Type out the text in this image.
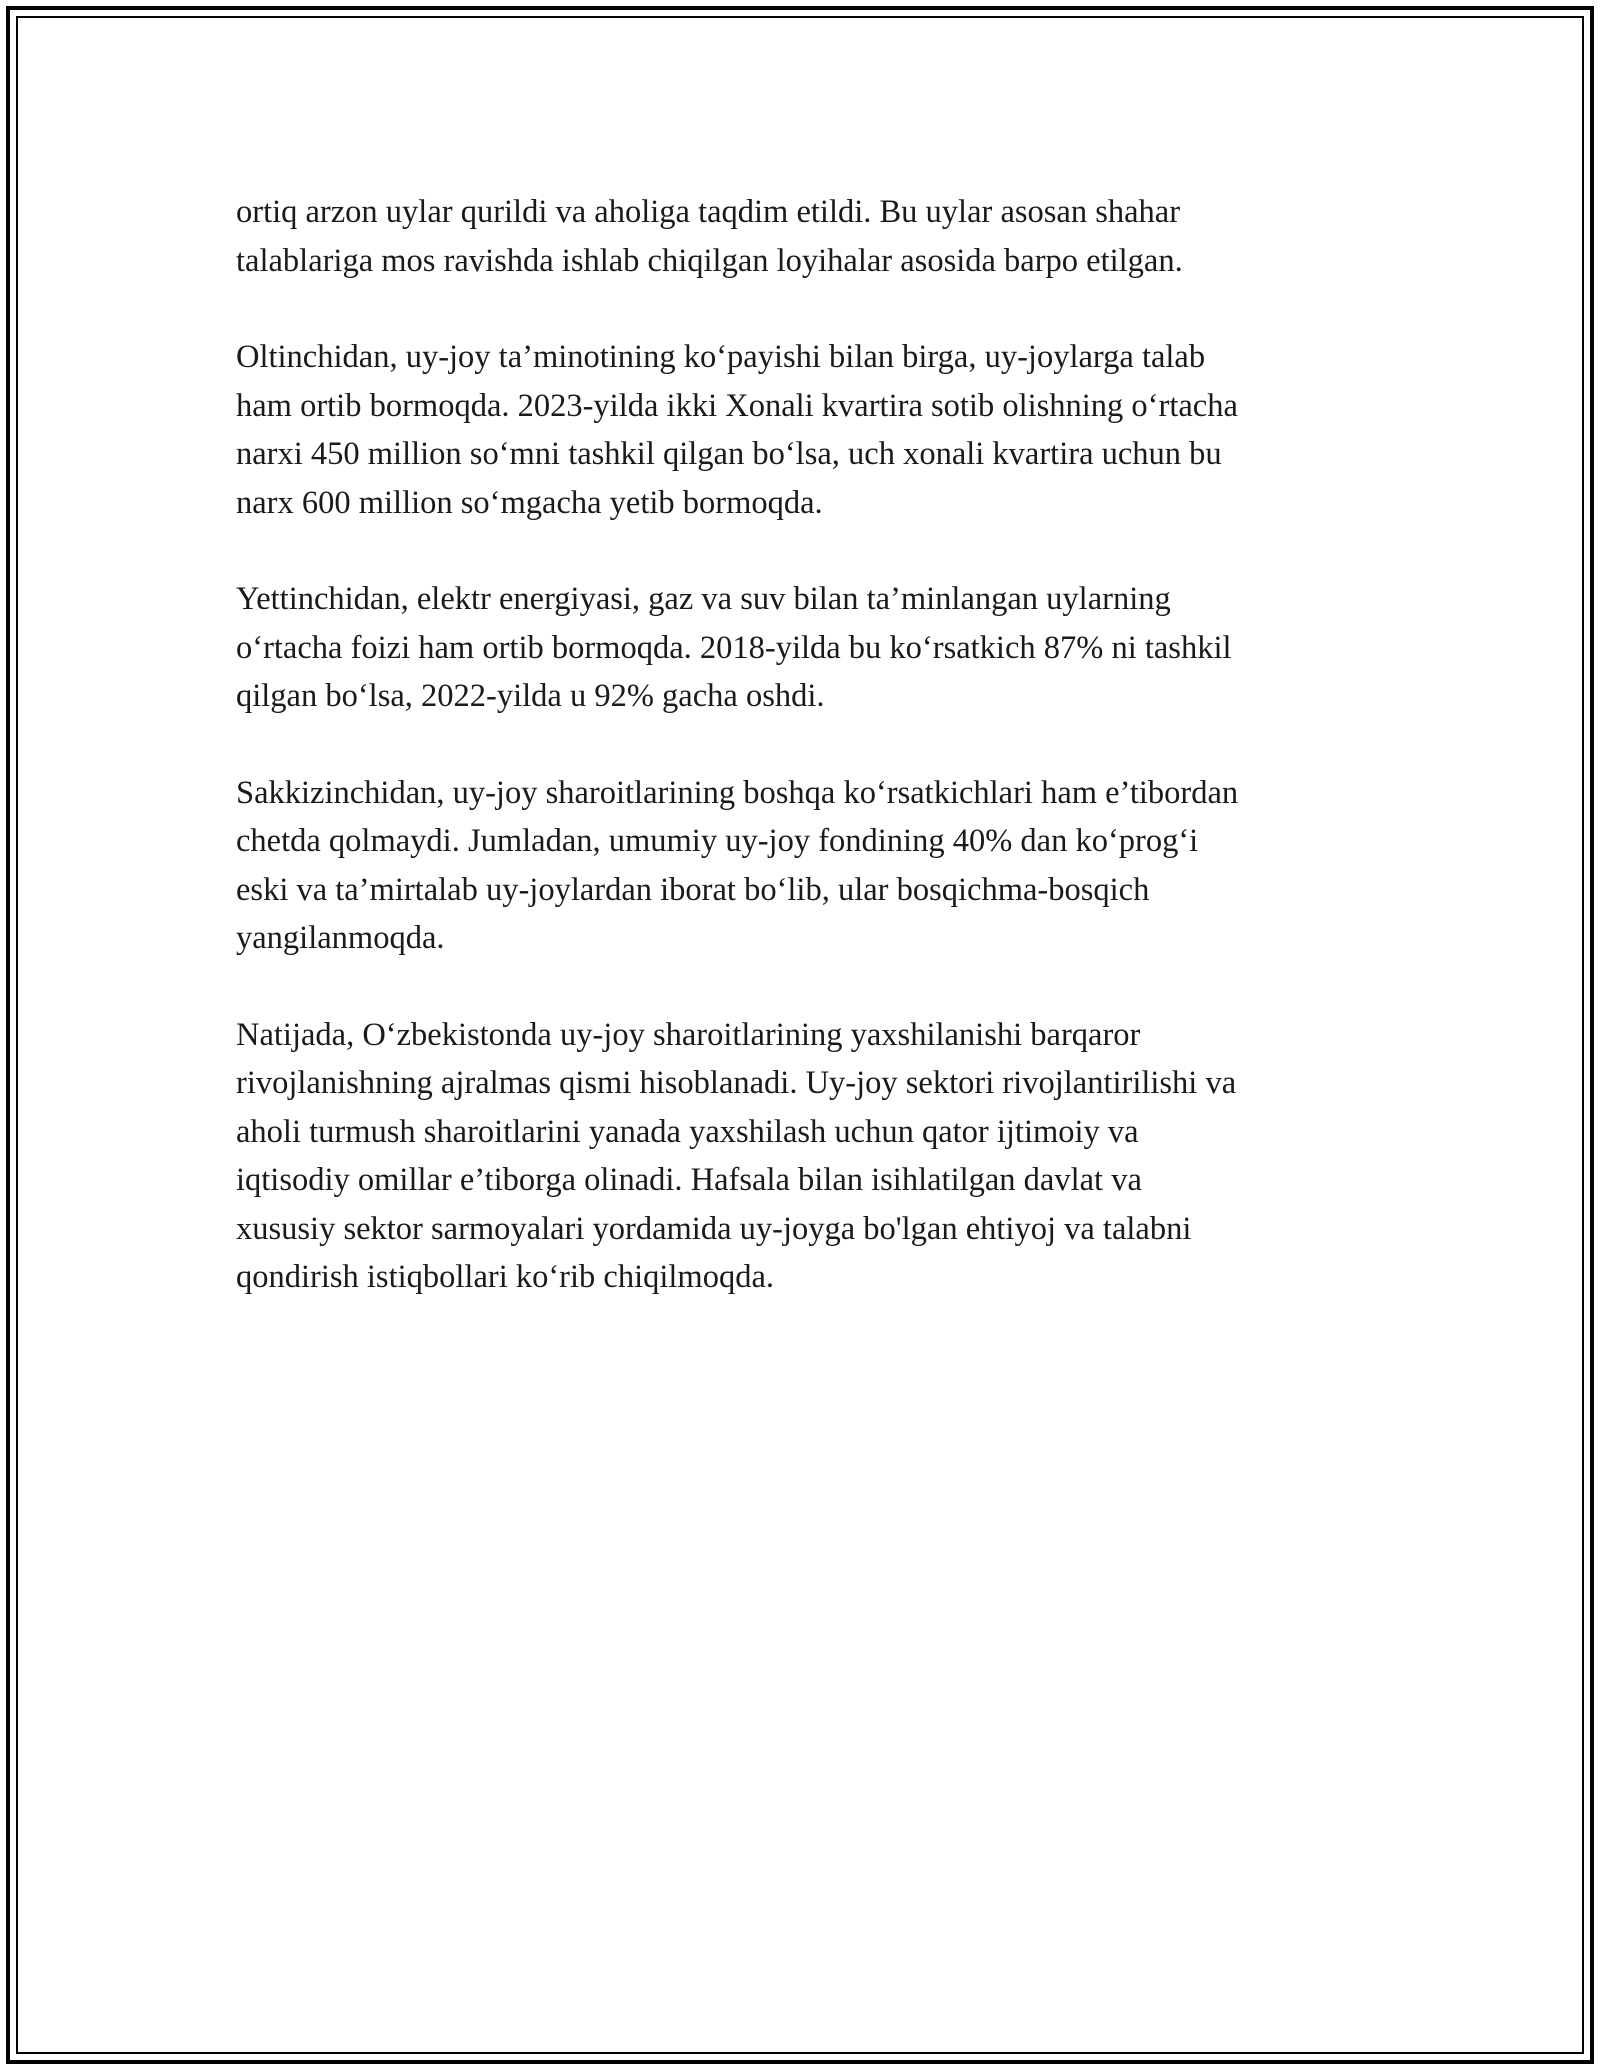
ortiq arzon uylar qurildi va aholiga taqdim etildi. Bu uylar asosan shahar
talablariga mos ravishda ishlab chiqilgan loyihalar asosida barpo etilgan.

Oltinchidan, uy-joy ta’minotining ko‘payishi bilan birga, uy-joylarga talab
ham ortib bormoqda. 2023-yilda ikki Xonali kvartira sotib olishning o‘rtacha
narxi 450 million so‘mni tashkil qilgan bo‘lsa, uch xonali kvartira uchun bu
narx 600 million so‘mgacha yetib bormoqda.

Yettinchidan, elektr energiyasi, gaz va suv bilan ta’minlangan uylarning
o‘rtacha foizi ham ortib bormoqda. 2018-yilda bu ko‘rsatkich 87% ni tashkil
qilgan bo‘lsa, 2022-yilda u 92% gacha oshdi.

Sakkizinchidan, uy-joy sharoitlarining boshqa ko‘rsatkichlari ham e’tibordan
chetda qolmaydi. Jumladan, umumiy uy-joy fondining 40% dan ko‘prog‘i
eski va ta’mirtalab uy-joylardan iborat bo‘lib, ular bosqichma-bosqich
yangilanmoqda.

Natijada, O‘zbekistonda uy-joy sharoitlarining yaxshilanishi barqaror
rivojlanishning ajralmas qismi hisoblanadi. Uy-joy sektori rivojlantirilishi va
aholi turmush sharoitlarini yanada yaxshilash uchun qator ijtimoiy va
iqtisodiy omillar e’tiborga olinadi. Hafsala bilan isihlatilgan davlat va
xususiy sektor sarmoyalari yordamida uy-joyga bo'lgan ehtiyoj va talabni
qondirish istiqbollari ko‘rib chiqilmoqda.
